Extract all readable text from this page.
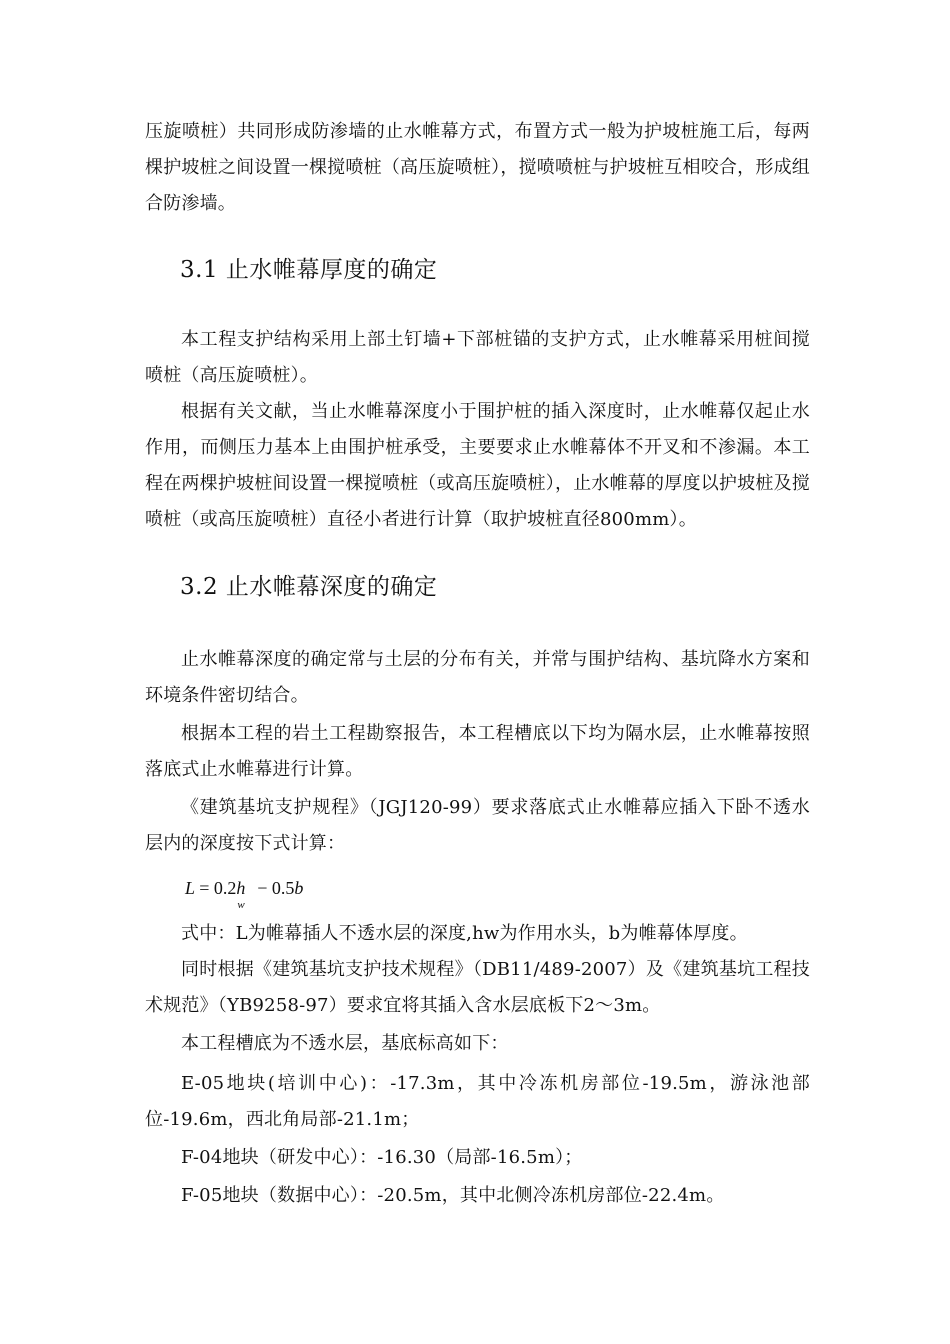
压旋喷桩）共同形成防渗墙的止水帷幕方式，布置方式一般为护坡桩施工后，每两棵护坡桩之间设置一棵搅喷桩（高压旋喷桩），搅喷喷桩与护坡桩互相咬合，形成组合防渗墙。

3.1 止水帷幕厚度的确定

本工程支护结构采用上部土钉墙+下部桩锚的支护方式，止水帷幕采用桩间搅喷桩（高压旋喷桩）。

根据有关文献，当止水帷幕深度小于围护桩的插入深度时，止水帷幕仅起止水作用，而侧压力基本上由围护桩承受，主要要求止水帷幕体不开叉和不渗漏。本工程在两棵护坡桩间设置一棵搅喷桩（或高压旋喷桩），止水帷幕的厚度以护坡桩及搅喷桩（或高压旋喷桩）直径小者进行计算（取护坡桩直径800mm）。

3.2 止水帷幕深度的确定

止水帷幕深度的确定常与土层的分布有关，并常与围护结构、基坑降水方案和环境条件密切结合。

根据本工程的岩土工程勘察报告，本工程槽底以下均为隔水层，止水帷幕按照落底式止水帷幕进行计算。

《建筑基坑支护规程》（JGJ120-99）要求落底式止水帷幕应插入下卧不透水层内的深度按下式计算：

$L = 0.2h_w - 0.5b$

式中：L为帷幕插人不透水层的深度,hw为作用水头，b为帷幕体厚度。

同时根据《建筑基坑支护技术规程》（DB11/489-2007）及《建筑基坑工程技术规范》（YB9258-97）要求宜将其插入含水层底板下2～3m。

本工程槽底为不透水层，基底标高如下：

E-05地块(培训中心)：-17.3m，其中冷冻机房部位-19.5m，游泳池部位-19.6m，西北角局部-21.1m；

F-04地块（研发中心）：-16.30（局部-16.5m）；

F-05地块（数据中心）：-20.5m，其中北侧冷冻机房部位-22.4m。
